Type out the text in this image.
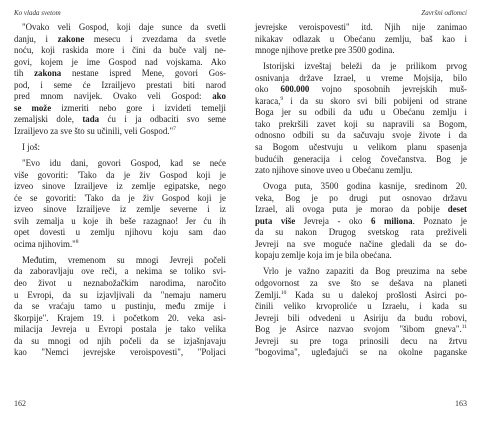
Ko vlada svetom
"Ovako veli Gospod, koji daje sunce da svetli
danju, i zakone mesecu i zvezdama da svetle
noću, koji raskida more i čini da buče valj ne-
govi, kojem je ime Gospod nad vojskama. Ako
tih zakona nestane ispred Mene, govori Gos-
pod, i seme će Izrailjevo prestati biti narod
pred mnom navijek. Ovako veli Gospod: ako
se može izmeriti nebo gore i izvideti temelji
zemaljski dole, tada ću i ja odbaciti svo seme
Izrailjevo za sve što su učinili, veli Gospod."$^7$
I još:
"Evo idu dani, govori Gospod, kad se neće
više govoriti: 'Tako da je živ Gospod koji je
izveo sinove Izrailjeve iz zemlje egipatske, nego
će se govoriti: 'Tako da je živ Gospod koji je
izveo sinove Izrailjeve iz zemlje severne i iz
svih zemalja u koje ih beše razagnao! Jer ću ih
opet dovesti u zemlju njihovu koju sam dao
ocima njihovim."$^8$
Međutim, vremenom su mnogi Jevreji počeli
da zaboravljaju ove reči, a nekima se toliko svi-
deo život u neznabožačkim narodima, naročito
u Evropi, da su izjavljivali da "nemaju nameru
da se vraćaju tamo u pustinju, među zmije i
škorpije". Krajem 19. i početkom 20. veka asi-
milacija Jevreja u Evropi postala je tako velika
da su mnogi od njih počeli da se izjašnjavaju
kao "Nemci jevrejske veroispovesti", "Poljaci
162
Završni odlomci
jevrejske veroispovesti" itd. Njih nije zanimao
nikakav odlazak u Obećanu zemlju, baš kao i
mnoge njihove pretke pre 3500 godina.
Istorijski izveštaj beleži da je prilikom prvog
osnivanja države Izrael, u vreme Mojsija, bilo
oko 600.000 vojno sposobnih jevrejskih muš-
karaca,$^9$ i da su skoro svi bili pobijeni od strane
Boga jer su odbili da uđu u Obećanu zemlju i
tako prekršili zavet koji su napravili sa Bogom,
odnosno odbili su da sačuvaju svoje živote i da
sa Bogom učestvuju u velikom planu spasenja
budućih generacija i celog čovečanstva. Bog je
zato njihove sinove uveo u Obećanu zemlju.
Ovoga puta, 3500 godina kasnije, sredinom 20.
veka, Bog je po drugi put osnovao državu
Izrael, ali ovoga puta je morao da pobije deset
puta više Jevreja - oko 6 miliona. Poznato je
da su nakon Drugog svetskog rata preživeli
Jevreji na sve moguće načine gledali da se do-
kopaju zemlje koja im je bila obećana.
Vrlo je važno zapaziti da Bog preuzima na sebe
odgovornost za sve što se dešava na planeti
Zemlji.$^{10}$ Kada su u dalekoj prošlosti Asirci po-
činili veliko krvoproliće u Izraelu, i kada su
Jevreji bili odvedeni u Asiriju da budu robovi,
Bog je Asirce nazvao svojom "šibom gneva".$^{11}$
Jevreji su pre toga prinosili decu na žrtvu
"bogovima", ugleđajući se na okolne paganske
163
